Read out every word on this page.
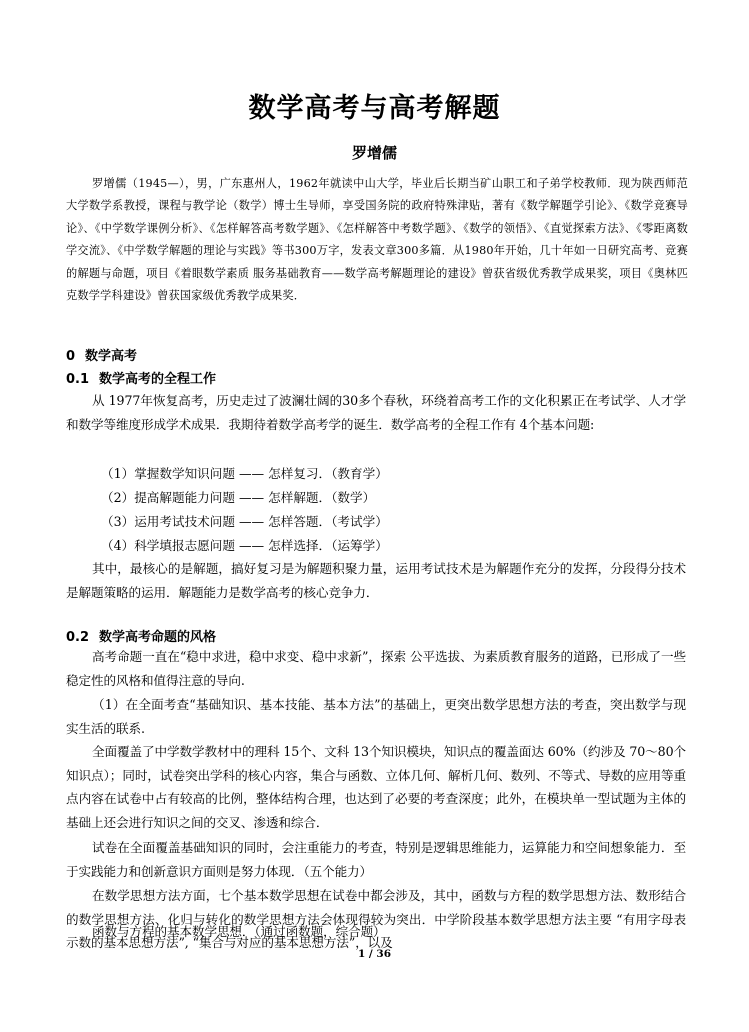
数学高考与高考解题
罗增儒
罗增儒（1945—），男，广东惠州人，1962年就读中山大学，毕业后长期当矿山职工和子弟学校教师．现为陕西师范大学数学系教授，课程与教学论（数学）博士生导师，享受国务院的政府特殊津贴，著有《数学解题学引论》、《数学竞赛导论》、《中学数学课例分析》、《怎样解答高考数学题》、《怎样解答中考数学题》、《数学的领悟》、《直觉探索方法》、《零距离数学交流》、《中学数学解题的理论与实践》等书300万字，发表文章300多篇．从1980年开始，几十年如一日研究高考、竞赛的解题与命题，项目《着眼数学素质 服务基础教育——数学高考解题理论的建设》曾获省级优秀教学成果奖，项目《奥林匹克数学学科建设》曾获国家级优秀教学成果奖．
0 数学高考
0.1 数学高考的全程工作
从 1977年恢复高考，历史走过了波澜壮阔的30多个春秋，环绕着高考工作的文化积累正在考试学、人才学和数学等维度形成学术成果．我期待着数学高考学的诞生．数学高考的全程工作有 4个基本问题:
（1）掌握数学知识问题 —— 怎样复习．（教育学）
（2）提高解题能力问题 —— 怎样解题．（数学）
（3）运用考试技术问题 —— 怎样答题．（考试学）
（4）科学填报志愿问题 —— 怎样选择．（运筹学）
其中，最核心的是解题，搞好复习是为解题积聚力量，运用考试技术是为解题作充分的发挥，分段得分技术是解题策略的运用．解题能力是数学高考的核心竞争力．
0.2 数学高考命题的风格
高考命题一直在“稳中求进，稳中求变、稳中求新”，探索 公平选拔、为素质教育服务的道路，已形成了一些稳定性的风格和值得注意的导向.
（1）在全面考查“基础知识、基本技能、基本方法”的基础上，更突出数学思想方法的考查，突出数学与现实生活的联系.
全面覆盖了中学数学教材中的理科 15个、文科 13个知识模块，知识点的覆盖面达 60%（约涉及 70～80个知识点）；同时，试卷突出学科的核心内容，集合与函数、立体几何、解析几何、数列、不等式、导数的应用等重点内容在试卷中占有较高的比例，整体结构合理，也达到了必要的考查深度；此外，在模块单一型试题为主体的基础上还会进行知识之间的交叉、渗透和综合．
试卷在全面覆盖基础知识的同时，会注重能力的考查，特别是逻辑思维能力，运算能力和空间想象能力．至于实践能力和创新意识方面则是努力体现．（五个能力）
在数学思想方法方面，七个基本数学思想在试卷中都会涉及，其中，函数与方程的数学思想方法、数形结合的数学思想方法、化归与转化的数学思想方法会体现得较为突出．中学阶段基本数学思想方法主要 “有用字母表示数的基本思想方法”, “集合与对应的基本思想方法”，以及
函数与方程的基本数学思想．（通过函数题，综合题）
1 / 36
